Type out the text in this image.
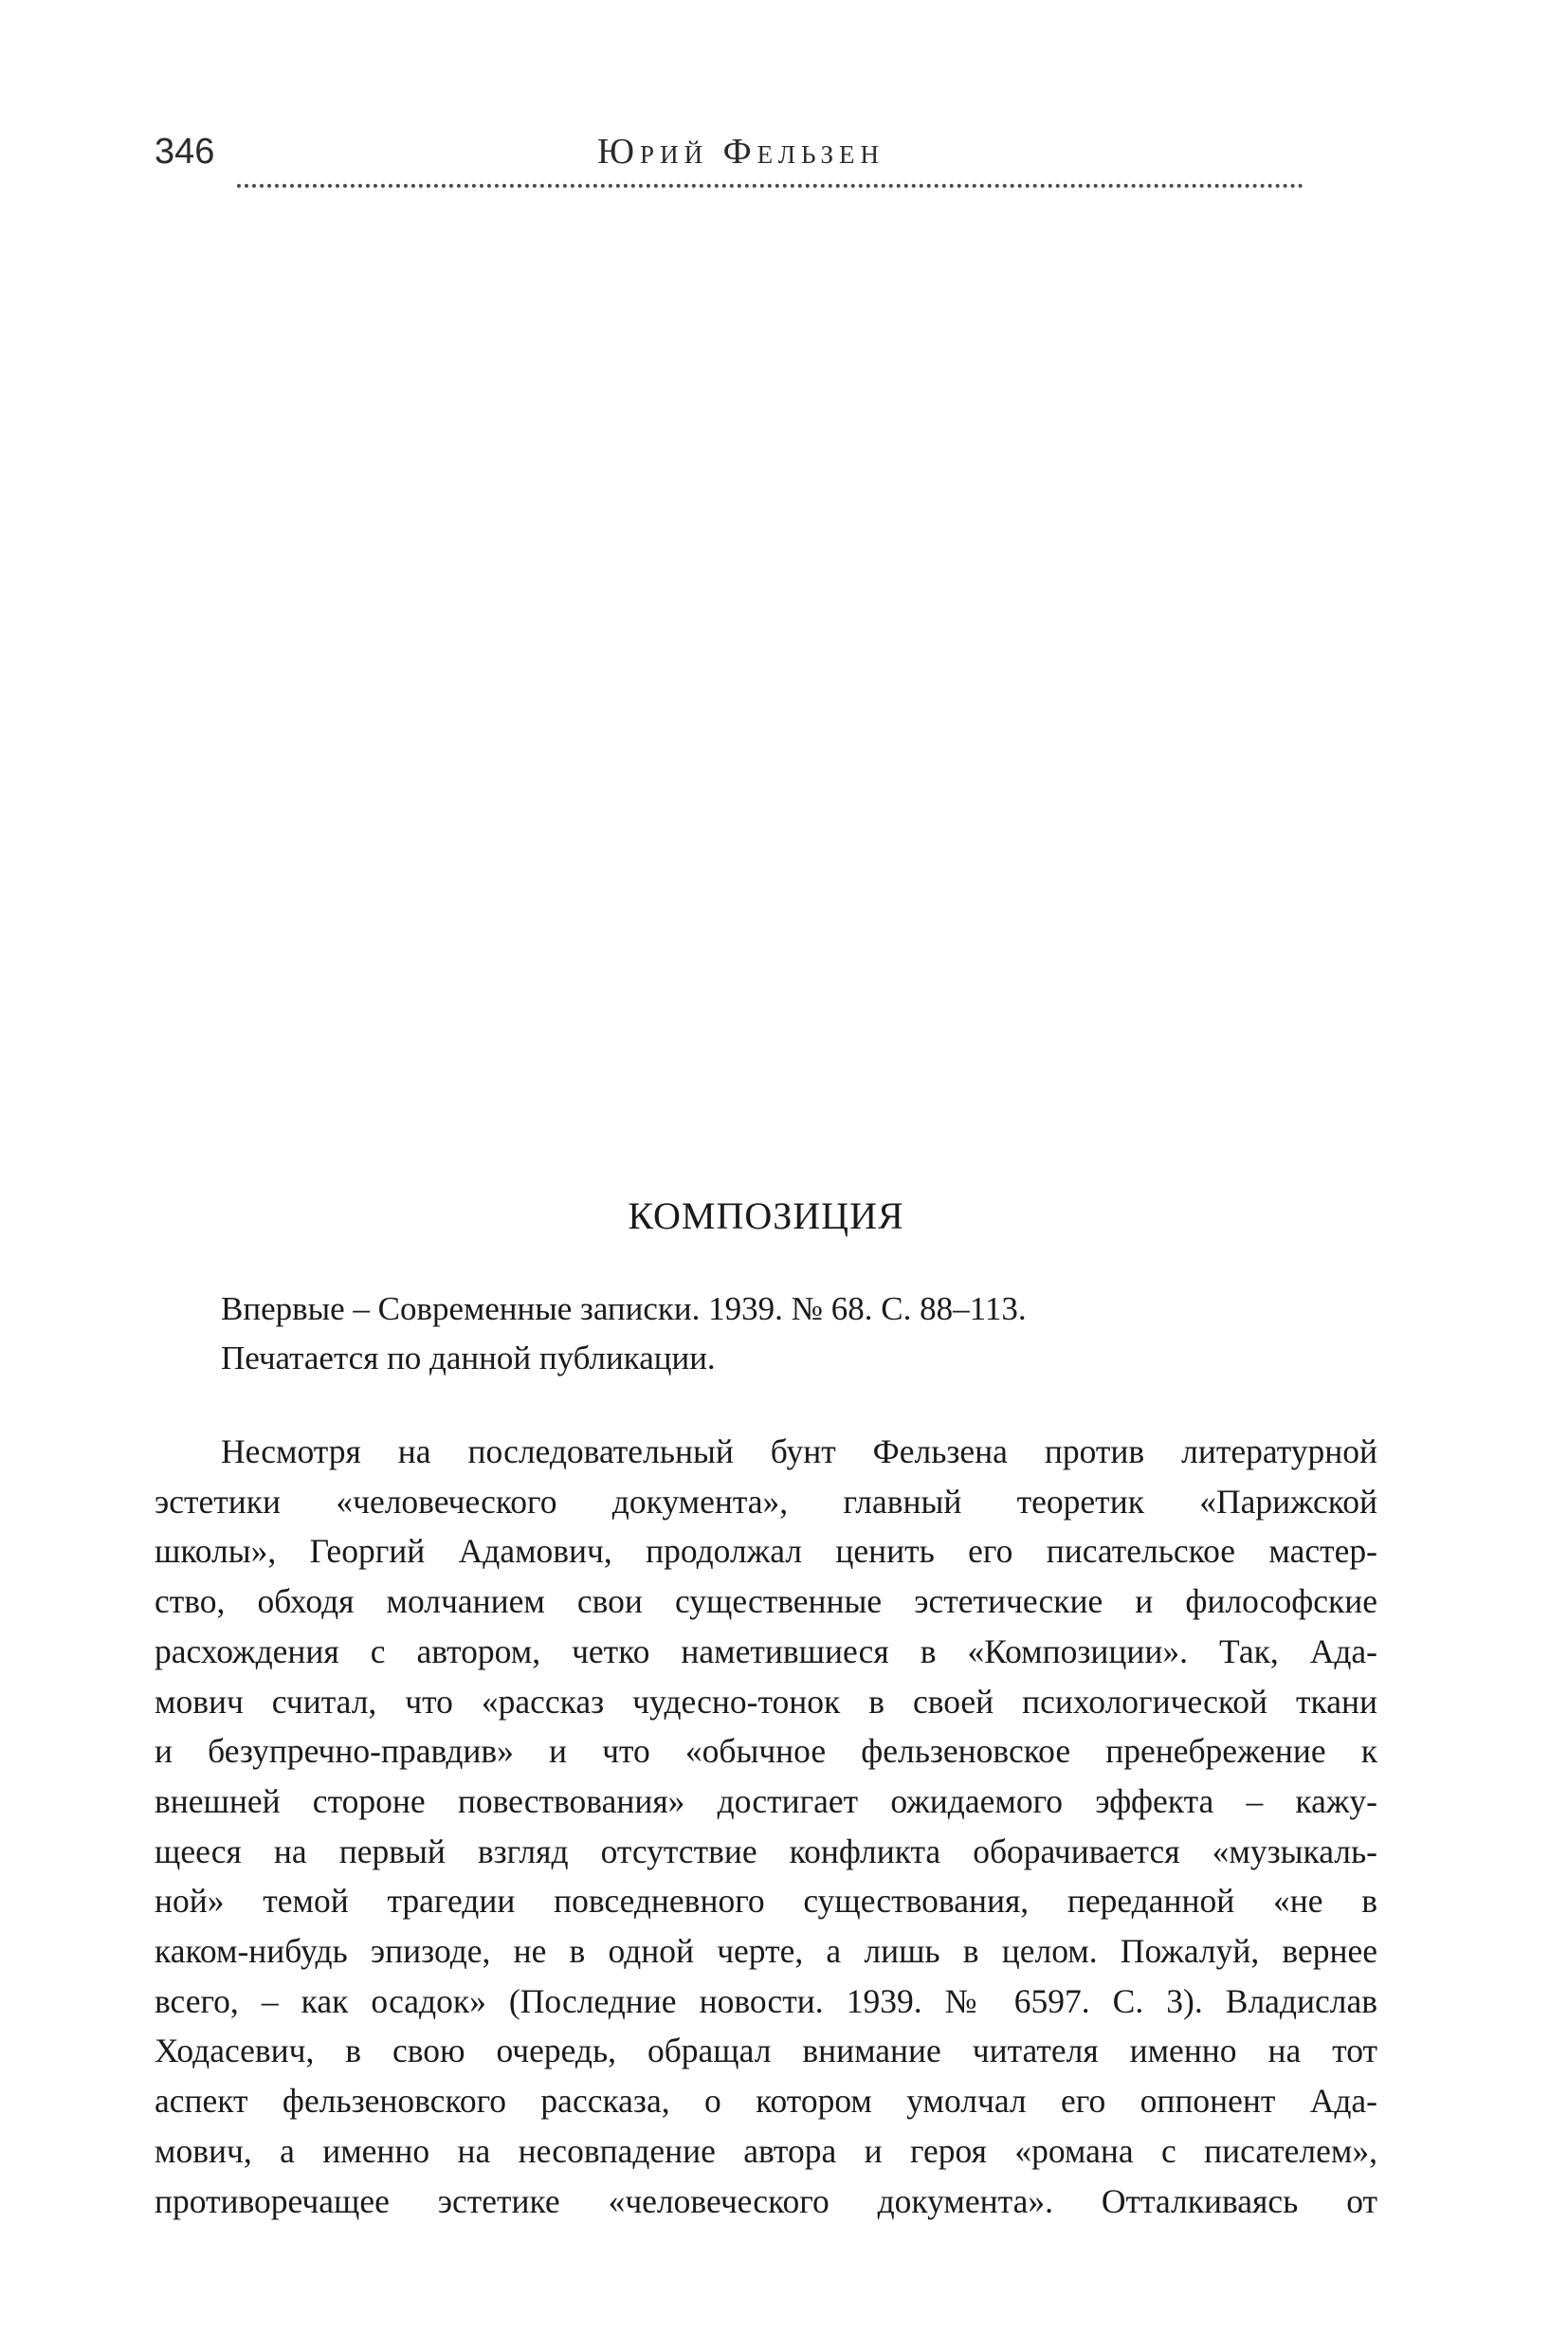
346	Юрий Фельзен
КОМПОЗИЦИЯ

Впервые – Современные записки. 1939. № 68. С. 88–113.

Печатается по данной публикации.

Несмотря на последовательный бунт Фельзена против литературной

эстетики «человеческого документа», главный теоретик «Парижской

школы», Георгий Адамович, продолжал ценить его писательское мастер-

ство, обходя молчанием свои существенные эстетические и философские

расхождения с автором, четко наметившиеся в «Композиции». Так, Ада-

мович считал, что «рассказ чудесно-тонок в своей психологической ткани

и безупречно-правдив» и что «обычное фельзеновское пренебрежение к

внешней стороне повествования» достигает ожидаемого эффекта – кажу-

щееся на первый взгляд отсутствие конфликта оборачивается «музыкаль-

ной» темой трагедии повседневного существования, переданной «не в

каком-нибудь эпизоде, не в одной черте, а лишь в целом. Пожалуй, вернее

всего, – как осадок» (Последние новости. 1939. № 6597. С. 3). Владислав

Ходасевич, в свою очередь, обращал внимание читателя именно на тот

аспект фельзеновского рассказа, о котором умолчал его оппонент Ада-

мович, а именно на несовпадение автора и героя «романа с писателем»,

противоречащее эстетике «человеческого документа». Отталкиваясь от
